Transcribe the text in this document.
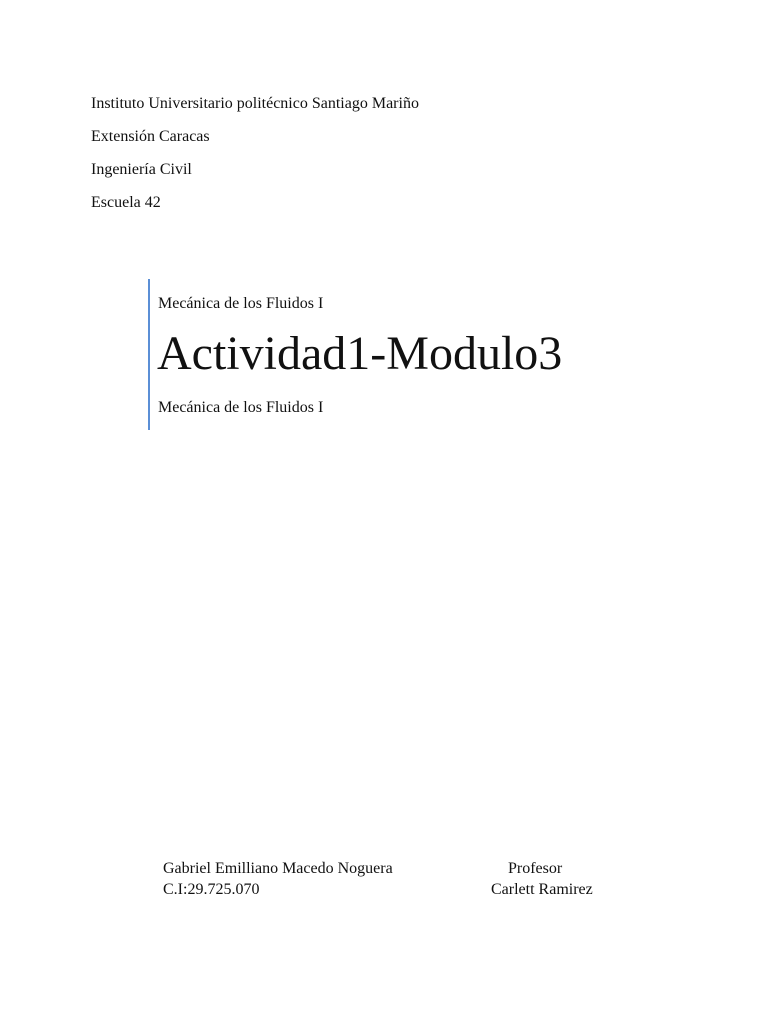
Instituto Universitario politécnico Santiago Mariño
Extensión Caracas
Ingeniería Civil
Escuela 42
Mecánica de los Fluidos I
Actividad1-Modulo3
Mecánica de los Fluidos I
Gabriel Emilliano Macedo Noguera
C.I:29.725.070
Profesor
Carlett Ramirez
